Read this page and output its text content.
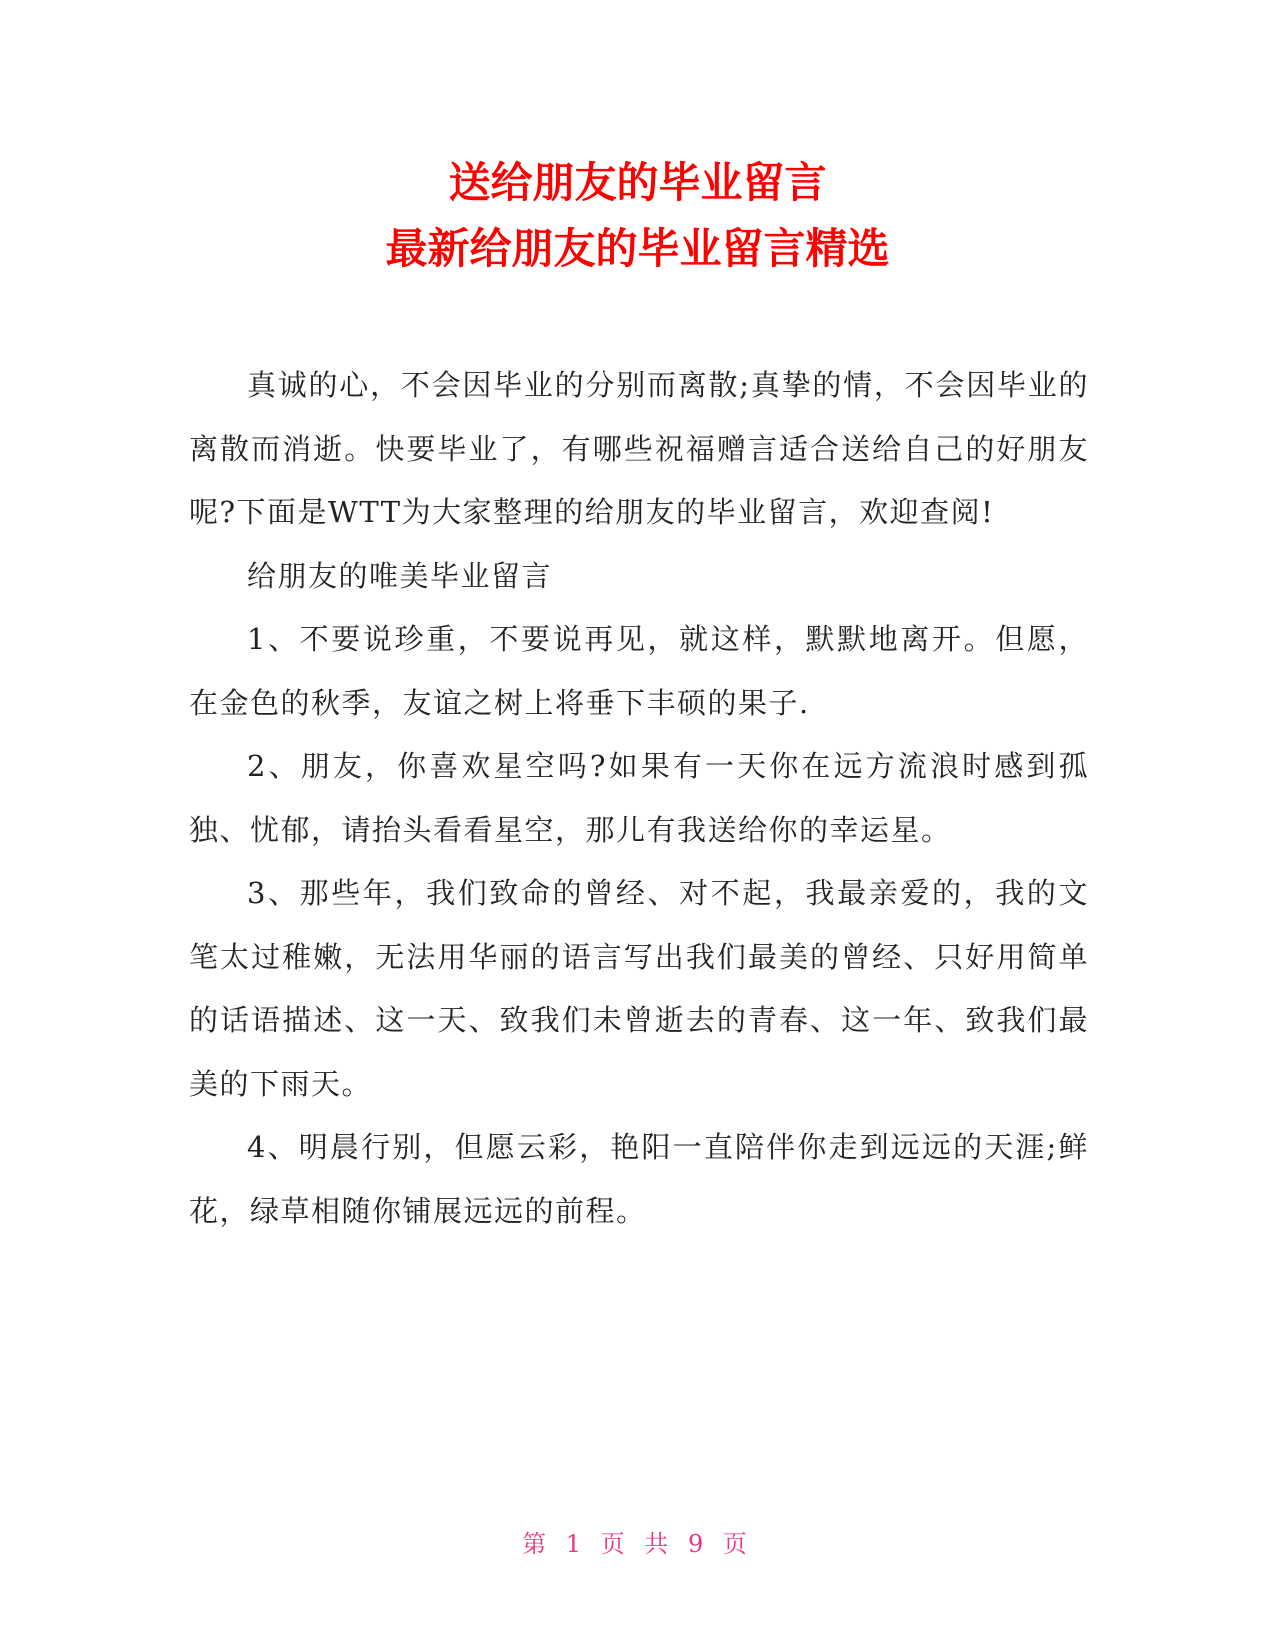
送给朋友的毕业留言
最新给朋友的毕业留言精选

真诚的心，不会因毕业的分别而离散;真挚的情，不会因毕业的离散而消逝。快要毕业了，有哪些祝福赠言适合送给自己的好朋友呢?下面是WTT为大家整理的给朋友的毕业留言，欢迎查阅!

给朋友的唯美毕业留言

1、不要说珍重，不要说再见，就这样，默默地离开。但愿，在金色的秋季，友谊之树上将垂下丰硕的果子.

2、朋友，你喜欢星空吗?如果有一天你在远方流浪时感到孤独、忧郁，请抬头看看星空，那儿有我送给你的幸运星。

3、那些年，我们致命的曾经、对不起，我最亲爱的，我的文笔太过稚嫩，无法用华丽的语言写出我们最美的曾经、只好用简单的话语描述、这一天、致我们未曾逝去的青春、这一年、致我们最美的下雨天。

4、明晨行别，但愿云彩，艳阳一直陪伴你走到远远的天涯;鲜花，绿草相随你铺展远远的前程。

第 1 页 共 9 页
